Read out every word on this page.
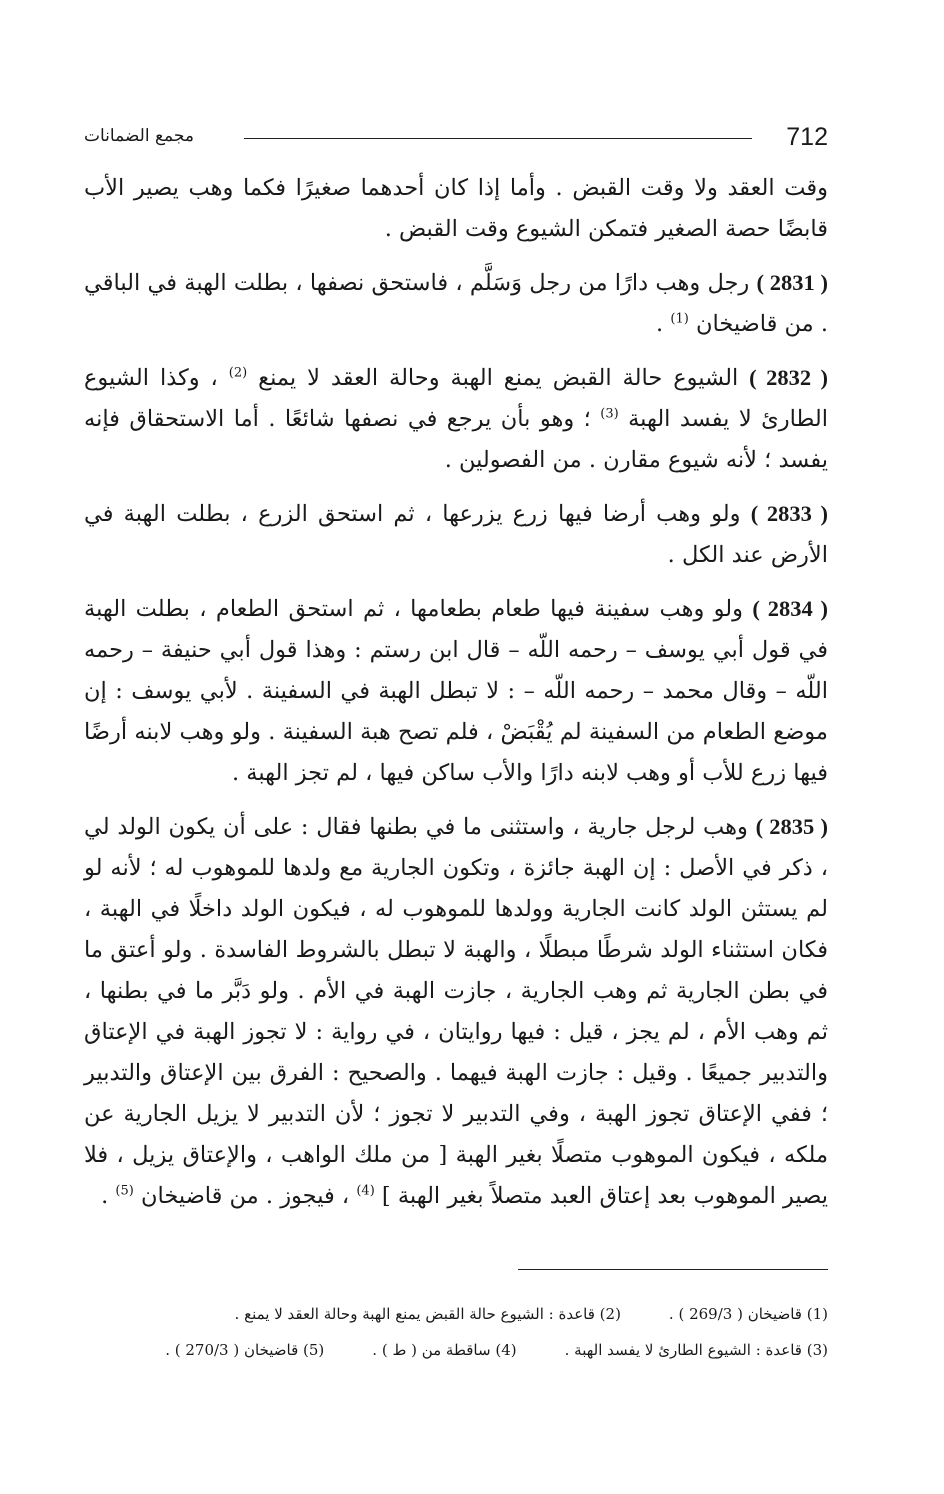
712
مجمع الضمانات

وقت العقد ولا وقت القبض . وأما إذا كان أحدهما صغيرًا فكما وهب يصير الأب قابضًا حصة الصغير فتمكن الشيوع وقت القبض .

( 2831 ) رجل وهب دارًا من رجل وَسَلَّم ، فاستحق نصفها ، بطلت الهبة في الباقي . من قاضيخان $^{(1)}$ .

( 2832 ) الشيوع حالة القبض يمنع الهبة وحالة العقد لا يمنع $^{(2)}$ ، وكذا الشيوع الطارئ لا يفسد الهبة $^{(3)}$ ؛ وهو بأن يرجع في نصفها شائعًا . أما الاستحقاق فإنه يفسد ؛ لأنه شيوع مقارن . من الفصولين .

( 2833 ) ولو وهب أرضا فيها زرع يزرعها ، ثم استحق الزرع ، بطلت الهبة في الأرض عند الكل .

( 2834 ) ولو وهب سفينة فيها طعام بطعامها ، ثم استحق الطعام ، بطلت الهبة في قول أبي يوسف – رحمه اللّه – قال ابن رستم : وهذا قول أبي حنيفة – رحمه اللّه – وقال محمد – رحمه اللّه – : لا تبطل الهبة في السفينة . لأبي يوسف : إن موضع الطعام من السفينة لم يُقْبَضْ ، فلم تصح هبة السفينة . ولو وهب لابنه أرضًا فيها زرع للأب أو وهب لابنه دارًا والأب ساكن فيها ، لم تجز الهبة .

( 2835 ) وهب لرجل جارية ، واستثنى ما في بطنها فقال : على أن يكون الولد لي ، ذكر في الأصل : إن الهبة جائزة ، وتكون الجارية مع ولدها للموهوب له ؛ لأنه لو لم يستثن الولد كانت الجارية وولدها للموهوب له ، فيكون الولد داخلًا في الهبة ، فكان استثناء الولد شرطًا مبطلًا ، والهبة لا تبطل بالشروط الفاسدة . ولو أعتق ما في بطن الجارية ثم وهب الجارية ، جازت الهبة في الأم . ولو دَبَّر ما في بطنها ، ثم وهب الأم ، لم يجز ، قيل : فيها روايتان ، في رواية : لا تجوز الهبة في الإعتاق والتدبير جميعًا . وقيل : جازت الهبة فيهما . والصحيح : الفرق بين الإعتاق والتدبير ؛ ففي الإعتاق تجوز الهبة ، وفي التدبير لا تجوز ؛ لأن التدبير لا يزيل الجارية عن ملكه ، فيكون الموهوب متصلًا بغير الهبة [ من ملك الواهب ، والإعتاق يزيل ، فلا يصير الموهوب بعد إعتاق العبد متصلاً بغير الهبة ] $^{(4)}$ ، فيجوز . من قاضيخان $^{(5)}$ .

(1) قاضيخان ( 269/3 ) .
(2) قاعدة : الشيوع حالة القبض يمنع الهبة وحالة العقد لا يمنع .
(3) قاعدة : الشيوع الطارئ لا يفسد الهبة .
(4) ساقطة من ( ط ) .
(5) قاضيخان ( 270/3 ) .
